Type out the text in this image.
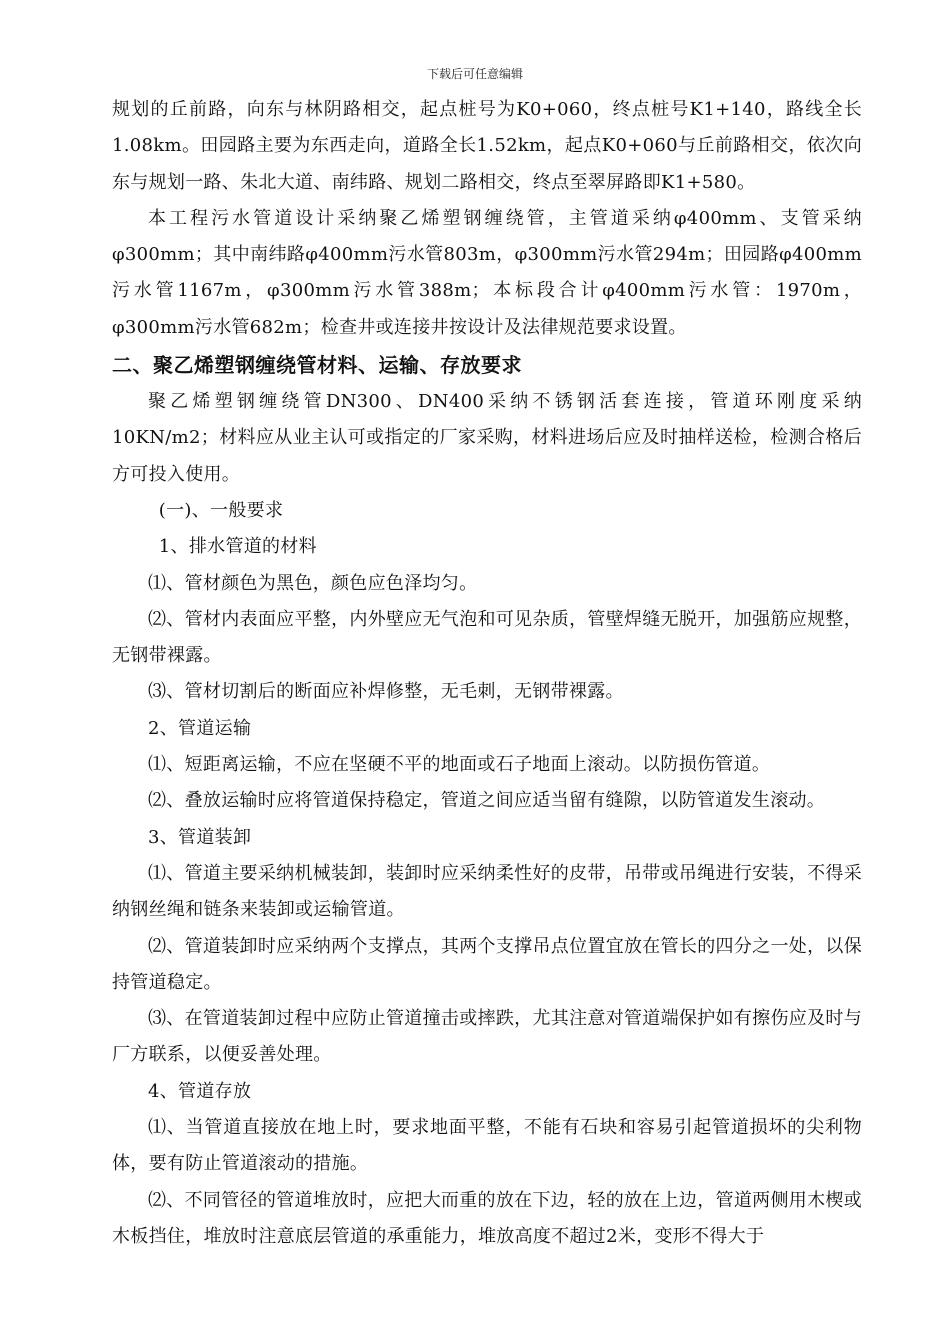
下载后可任意编辑

规划的丘前路，向东与林阴路相交，起点桩号为K0+060，终点桩号K1+140，路线全长1.08km。田园路主要为东西走向，道路全长1.52km，起点K0+060与丘前路相交，依次向东与规划一路、朱北大道、南纬路、规划二路相交，终点至翠屏路即K1+580。

本工程污水管道设计采纳聚乙烯塑钢缠绕管，主管道采纳φ400mm、支管采纳φ300mm；其中南纬路φ400mm污水管803m，φ300mm污水管294m；田园路φ400mm污水管1167m，φ300mm污水管388m；本标段合计φ400mm污水管：1970m，φ300mm污水管682m；检查井或连接井按设计及法律规范要求设置。

二、聚乙烯塑钢缠绕管材料、运输、存放要求

聚乙烯塑钢缠绕管DN300、DN400采纳不锈钢活套连接，管道环刚度采纳10KN/m2；材料应从业主认可或指定的厂家采购，材料进场后应及时抽样送检，检测合格后方可投入使用。

(一)、一般要求

1、排水管道的材料

⑴、管材颜色为黑色，颜色应色泽均匀。

⑵、管材内表面应平整，内外壁应无气泡和可见杂质，管壁焊缝无脱开，加强筋应规整，无钢带裸露。

⑶、管材切割后的断面应补焊修整，无毛刺，无钢带裸露。

2、管道运输

⑴、短距离运输，不应在坚硬不平的地面或石子地面上滚动。以防损伤管道。

⑵、叠放运输时应将管道保持稳定，管道之间应适当留有缝隙，以防管道发生滚动。

3、管道装卸

⑴、管道主要采纳机械装卸，装卸时应采纳柔性好的皮带，吊带或吊绳进行安装，不得采纳钢丝绳和链条来装卸或运输管道。

⑵、管道装卸时应采纳两个支撑点，其两个支撑吊点位置宜放在管长的四分之一处，以保持管道稳定。

⑶、在管道装卸过程中应防止管道撞击或摔跌，尤其注意对管道端保护如有擦伤应及时与厂方联系，以便妥善处理。

4、管道存放

⑴、当管道直接放在地上时，要求地面平整，不能有石块和容易引起管道损坏的尖利物体，要有防止管道滚动的措施。

⑵、不同管径的管道堆放时，应把大而重的放在下边，轻的放在上边，管道两侧用木楔或木板挡住，堆放时注意底层管道的承重能力，堆放高度不超过2米，变形不得大于
